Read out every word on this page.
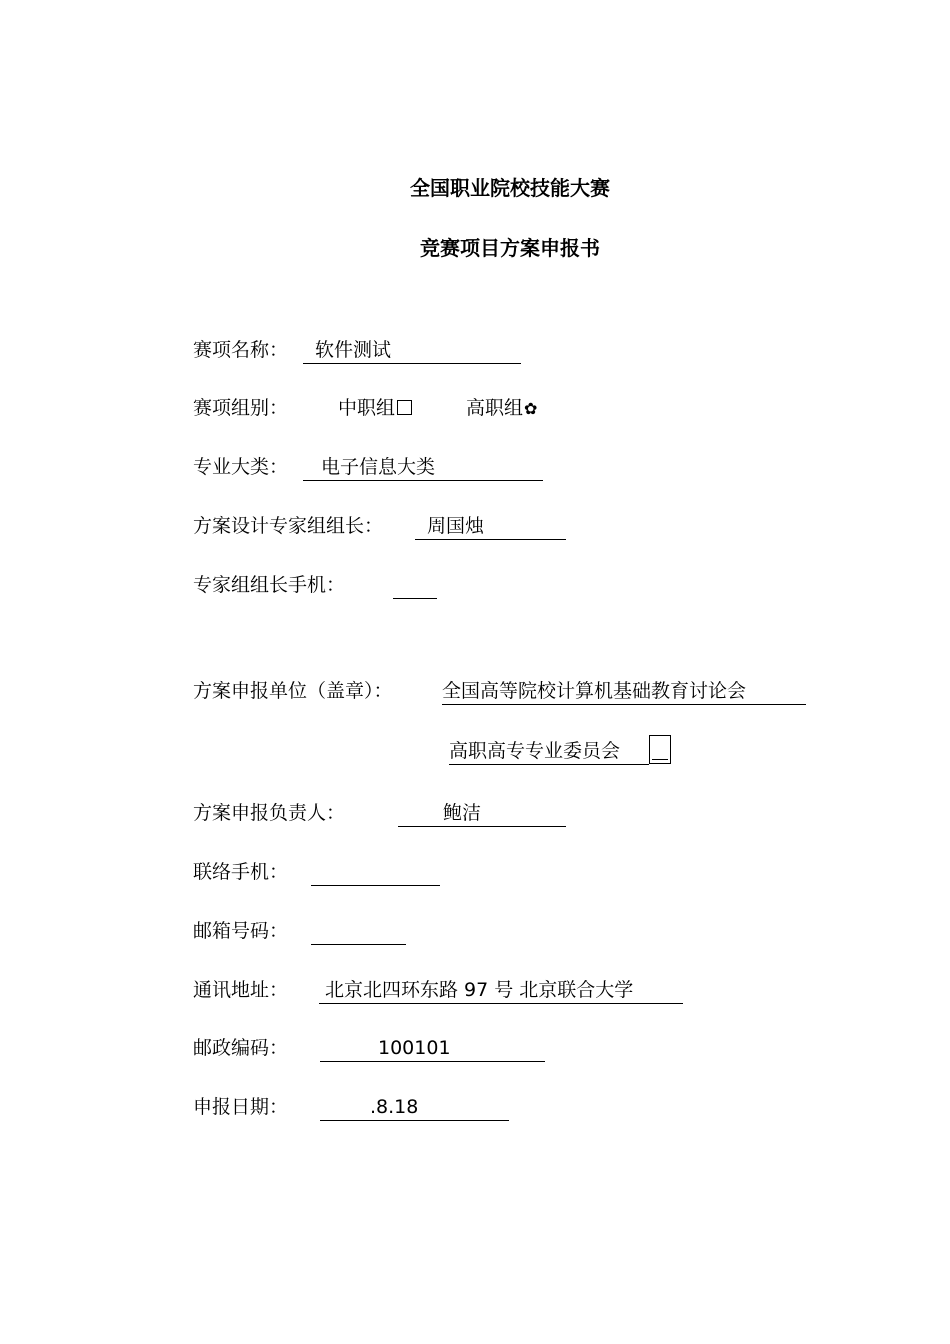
全国职业院校技能大赛
竞赛项目方案申报书
赛项名称： 软件测试
赛项组别：	中职组	高职组✿
专业大类： 电子信息大类
方案设计专家组组长： 周国烛
专家组组长手机：
方案申报单位（盖章）：	全国高等院校计算机基础教育讨论会
高职高专专业委员会
方案申报负责人：	鲍洁
联络手机：
邮箱号码：
通讯地址： 北京北四环东路 97 号 北京联合大学
邮政编码：	100101
申报日期：	.8.18
